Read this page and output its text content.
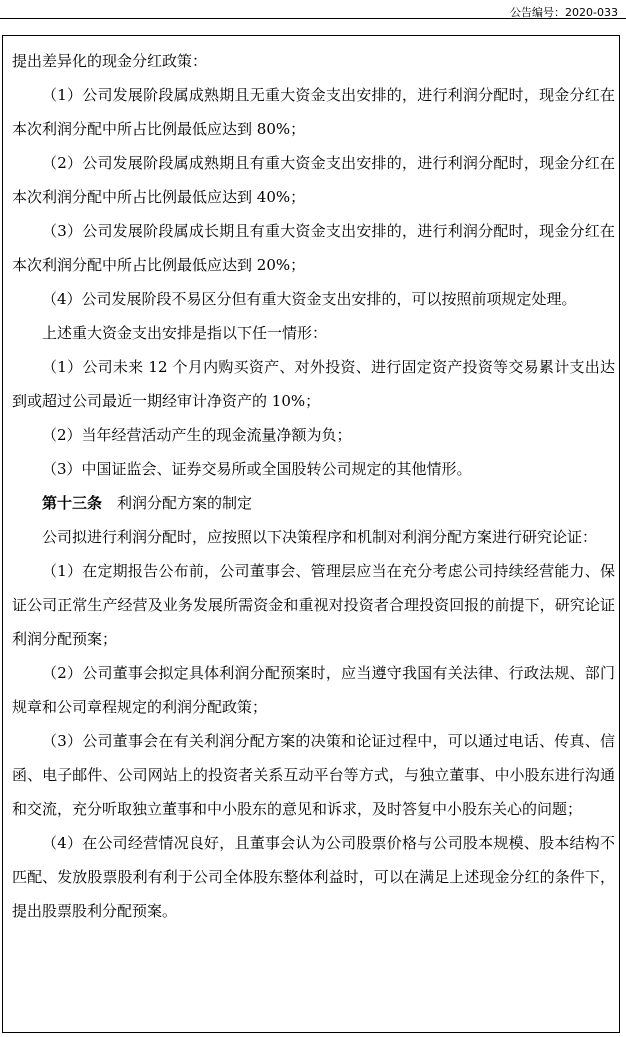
公告编号：2020-033

提出差异化的现金分红政策：

（1）公司发展阶段属成熟期且无重大资金支出安排的，进行利润分配时，现金分红在本次利润分配中所占比例最低应达到 80%；

（2）公司发展阶段属成熟期且有重大资金支出安排的，进行利润分配时，现金分红在本次利润分配中所占比例最低应达到 40%；

（3）公司发展阶段属成长期且有重大资金支出安排的，进行利润分配时，现金分红在本次利润分配中所占比例最低应达到 20%；

（4）公司发展阶段不易区分但有重大资金支出安排的，可以按照前项规定处理。

上述重大资金支出安排是指以下任一情形：

（1）公司未来 12 个月内购买资产、对外投资、进行固定资产投资等交易累计支出达到或超过公司最近一期经审计净资产的 10%；

（2）当年经营活动产生的现金流量净额为负；

（3）中国证监会、证券交易所或全国股转公司规定的其他情形。

第十三条　 利润分配方案的制定

公司拟进行利润分配时，应按照以下决策程序和机制对利润分配方案进行研究论证：

（1）在定期报告公布前，公司董事会、管理层应当在充分考虑公司持续经营能力、保证公司正常生产经营及业务发展所需资金和重视对投资者合理投资回报的前提下，研究论证利润分配预案；

（2）公司董事会拟定具体利润分配预案时，应当遵守我国有关法律、行政法规、部门规章和公司章程规定的利润分配政策；

（3）公司董事会在有关利润分配方案的决策和论证过程中，可以通过电话、传真、信函、电子邮件、公司网站上的投资者关系互动平台等方式，与独立董事、中小股东进行沟通和交流，充分听取独立董事和中小股东的意见和诉求，及时答复中小股东关心的问题；

（4）在公司经营情况良好，且董事会认为公司股票价格与公司股本规模、股本结构不匹配、发放股票股利有利于公司全体股东整体利益时，可以在满足上述现金分红的条件下，提出股票股利分配预案。
